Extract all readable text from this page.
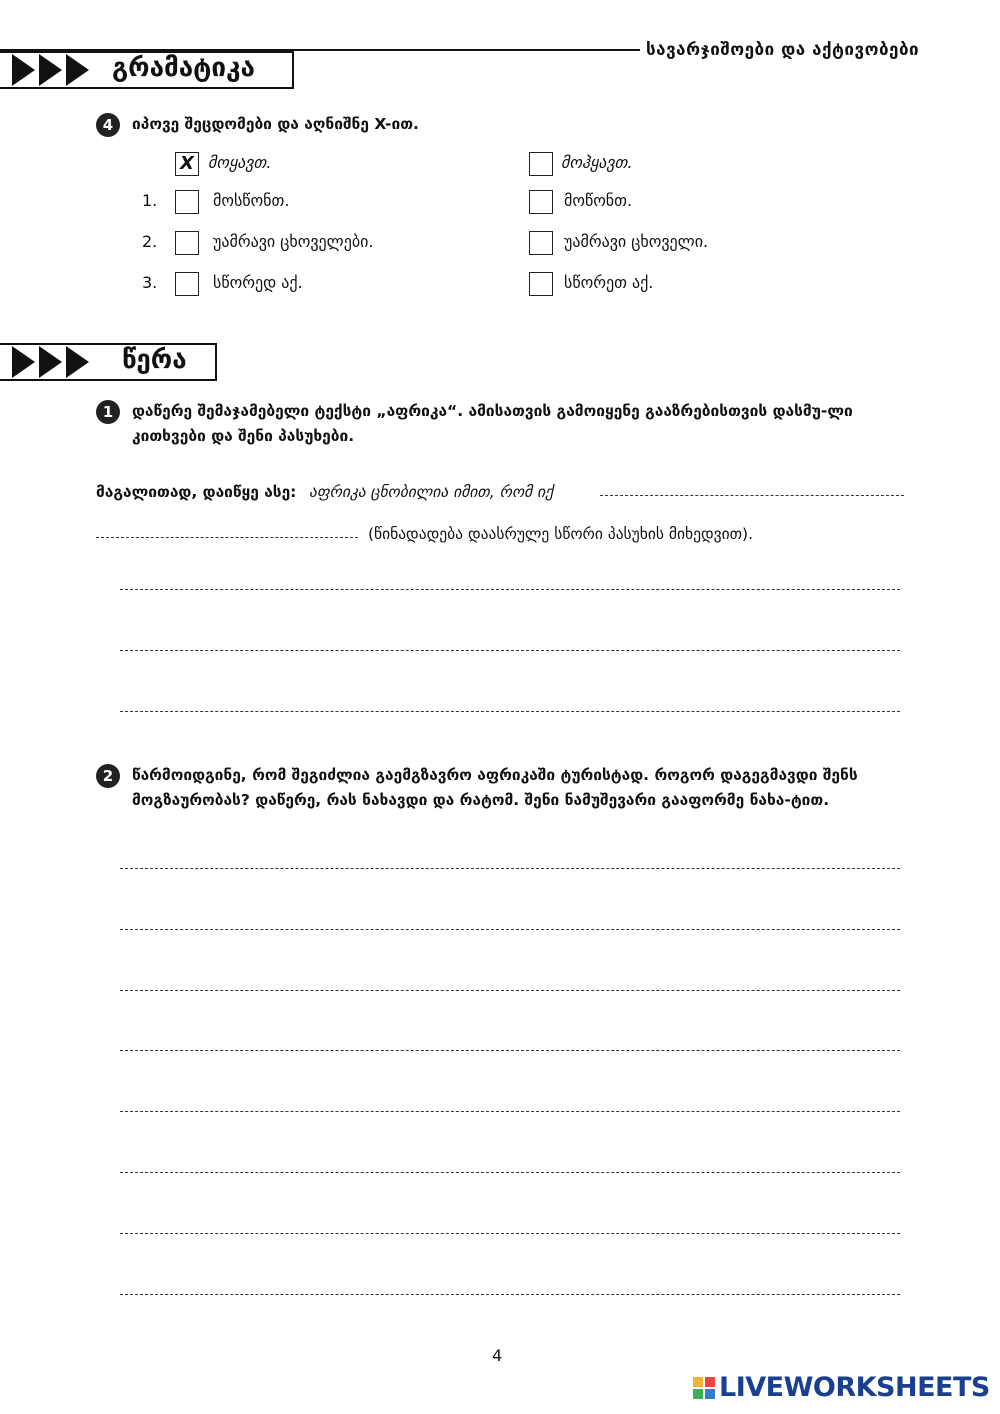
სავარჯიშოები და აქტივობები
გრამატიკა
4	იპოვე შეცდომები და აღნიშნე X-ით.
X მოყავთ.	მოჰყავთ.
1.	მოსწონთ.	მოწონთ.
2.	უამრავი ცხოველები.	უამრავი ცხოველი.
3.	სწორედ აქ.	სწორეთ აქ.
წერა
1	დაწერე შემაჯამებელი ტექსტი „აფრიკა“. ამისათვის გამოიყენე გააზრებისთვის დასმუ-ლი კითხვები და შენი პასუხები.
მაგალითად, დაიწყე ასე: აფრიკა ცნობილია იმით, რომ იქ
(წინადადება დაასრულე სწორი პასუხის მიხედვით).
2	წარმოიდგინე, რომ შეგიძლია გაემგზავრო აფრიკაში ტურისტად. როგორ დაგეგმავდი შენს მოგზაურობას? დაწერე, რას ნახავდი და რატომ. შენი ნამუშევარი გააფორმე ნახა-ტით.
4
LIVEWORKSHEETS
